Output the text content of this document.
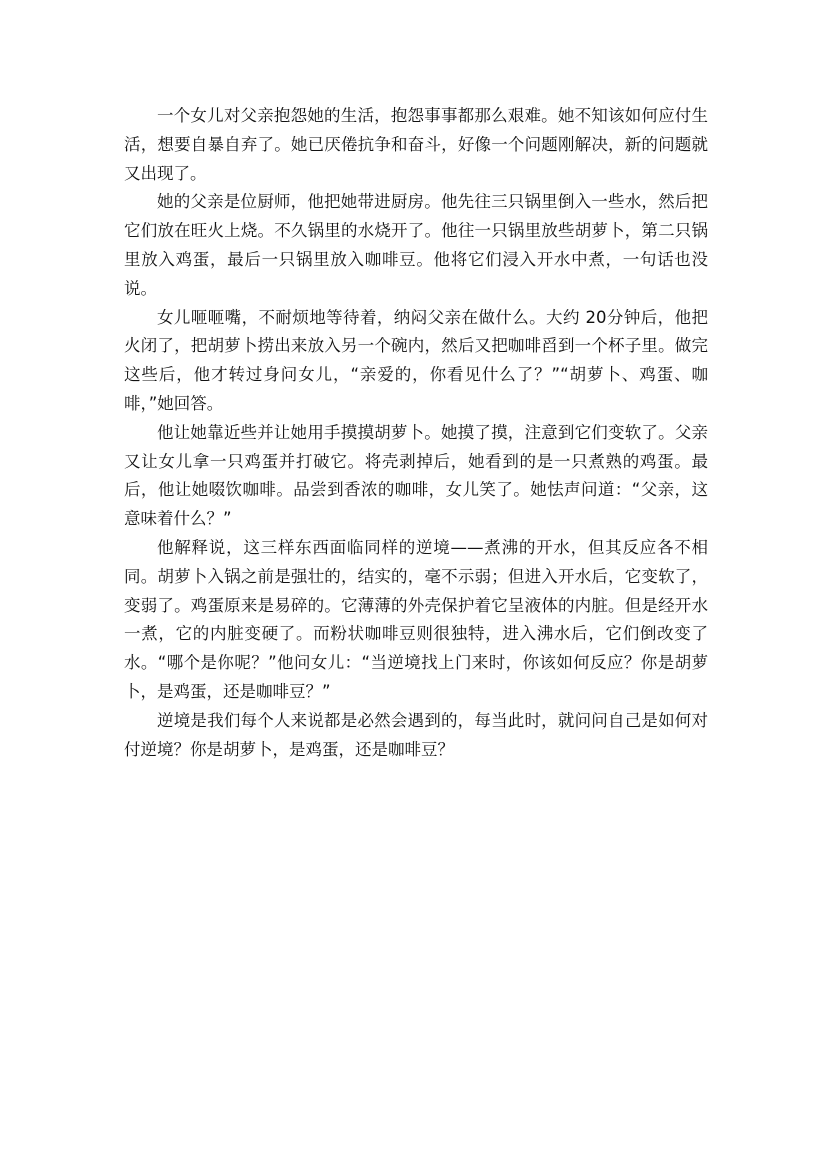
一个女儿对父亲抱怨她的生活，抱怨事事都那么艰难。她不知该如何应付生活，想要自暴自弃了。她已厌倦抗争和奋斗，好像一个问题刚解决，新的问题就又出现了。

她的父亲是位厨师，他把她带进厨房。他先往三只锅里倒入一些水，然后把它们放在旺火上烧。不久锅里的水烧开了。他往一只锅里放些胡萝卜，第二只锅里放入鸡蛋，最后一只锅里放入咖啡豆。他将它们浸入开水中煮，一句话也没说。

女儿咂咂嘴，不耐烦地等待着，纳闷父亲在做什么。大约 20分钟后，他把火闭了，把胡萝卜捞出来放入另一个碗内，然后又把咖啡舀到一个杯子里。做完这些后，他才转过身问女儿，“亲爱的，你看见什么了？”“胡萝卜、鸡蛋、咖啡，”她回答。

他让她靠近些并让她用手摸摸胡萝卜。她摸了摸，注意到它们变软了。父亲又让女儿拿一只鸡蛋并打破它。将壳剥掉后，她看到的是一只煮熟的鸡蛋。最后，他让她啜饮咖啡。品尝到香浓的咖啡，女儿笑了。她怯声问道：“父亲，这意味着什么？”

他解释说，这三样东西面临同样的逆境——煮沸的开水，但其反应各不相同。胡萝卜入锅之前是强壮的，结实的，毫不示弱；但进入开水后，它变软了，变弱了。鸡蛋原来是易碎的。它薄薄的外壳保护着它呈液体的内脏。但是经开水一煮，它的内脏变硬了。而粉状咖啡豆则很独特，进入沸水后，它们倒改变了水。“哪个是你呢？”他问女儿：“当逆境找上门来时，你该如何反应？你是胡萝卜，是鸡蛋，还是咖啡豆？”

逆境是我们每个人来说都是必然会遇到的，每当此时，就问问自己是如何对付逆境？你是胡萝卜，是鸡蛋，还是咖啡豆？
